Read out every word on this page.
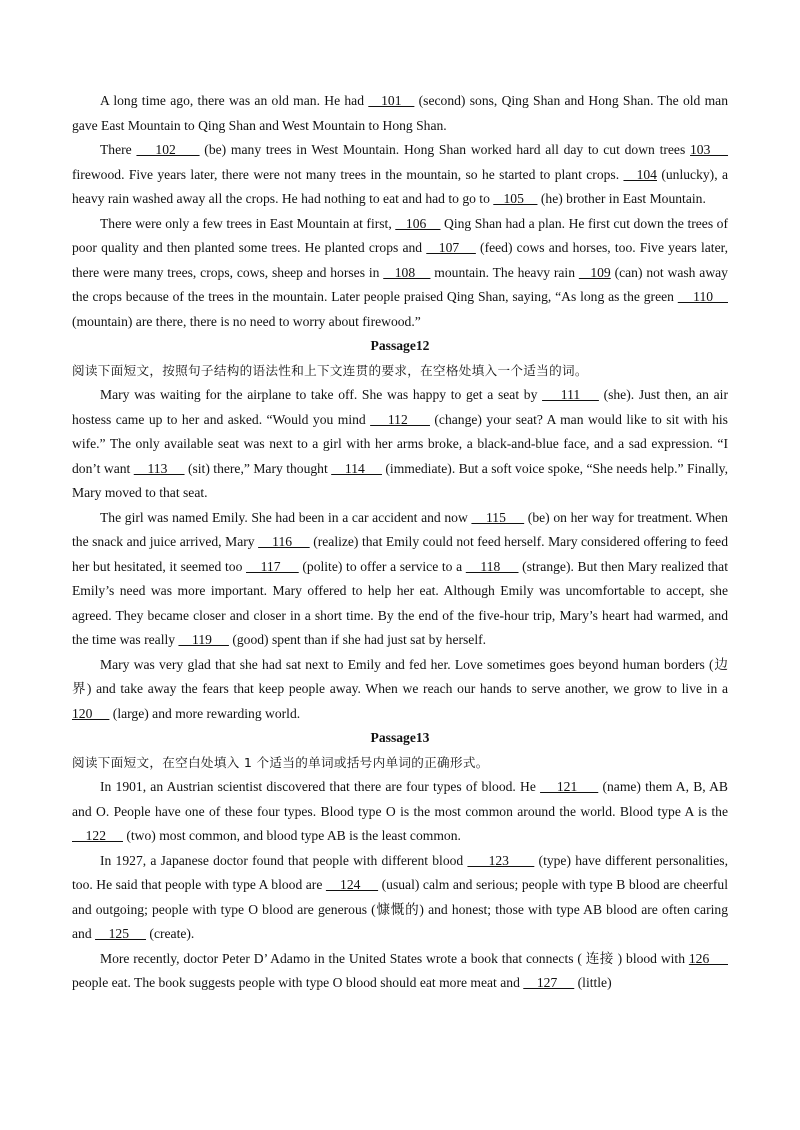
A long time ago, there was an old man. He had    101    (second) sons, Qing Shan and Hong Shan. The old man gave East Mountain to Qing Shan and West Mountain to Hong Shan.

There     102      (be) many trees in West Mountain. Hong Shan worked hard all day to cut down trees 103     firewood. Five years later, there were not many trees in the mountain, so he started to plant crops.    104 (unlucky), a heavy rain washed away all the crops. He had nothing to eat and had to go to    105     (he) brother in East Mountain.

There were only a few trees in East Mountain at first,    106     Qing Shan had a plan. He first cut down the trees of poor quality and then planted some trees. He planted crops and    107     (feed) cows and horses, too. Five years later, there were many trees, crops, cows, sheep and horses in    108     mountain. The heavy rain    109 (can) not wash away the crops because of the trees in the mountain. Later people praised Qing Shan, saying, “As long as the green     110     (mountain) are there, there is no need to worry about firewood.”

Passage12

阅读下面短文，按照句子结构的语法性和上下文连贯的要求，在空格处填入一个适当的词。

Mary was waiting for the airplane to take off. She was happy to get a seat by     111     (she). Just then, an air hostess came up to her and asked. “Would you mind     112      (change) your seat? A man would like to sit with his wife.” The only available seat was next to a girl with her arms broke, a black-and-blue face, and a sad expression. “I don’t want     113      (sit) there,” Mary thought     114      (immediate). But a soft voice spoke, “She needs help.” Finally, Mary moved to that seat.

The girl was named Emily. She had been in a car accident and now     115      (be) on her way for treatment. When the snack and juice arrived, Mary     116      (realize) that Emily could not feed herself. Mary considered offering to feed her but hesitated, it seemed too     117      (polite) to offer a service to a     118      (strange). But then Mary realized that Emily’s need was more important. Mary offered to help her eat. Although Emily was uncomfortable to accept, she agreed. They became closer and closer in a short time. By the end of the five-hour trip, Mary’s heart had warmed, and the time was really     119      (good) spent than if she had just sat by herself.

Mary was very glad that she had sat next to Emily and fed her. Love sometimes goes beyond human borders (边界) and take away the fears that keep people away. When we reach our hands to serve another, we grow to live in a 120      (large) and more rewarding world.

Passage13

阅读下面短文，在空白处填入 1 个适当的单词或括号内单词的正确形式。

In 1901, an Austrian scientist discovered that there are four types of blood. He     121      (name) them A, B, AB and O. People have one of these four types. Blood type O is the most common around the world. Blood type A is the     122      (two) most common, and blood type AB is the least common.

In 1927, a Japanese doctor found that people with different blood      123       (type) have different personalities, too. He said that people with type A blood are     124      (usual) calm and serious; people with type B blood are cheerful and outgoing; people with type O blood are generous (慷慨的) and honest; those with type AB blood are often caring and     125      (create).

More recently, doctor Peter D’ Adamo in the United States wrote a book that connects ( 连接 ) blood with 126      people eat. The book suggests people with type O blood should eat more meat and     127      (little)
